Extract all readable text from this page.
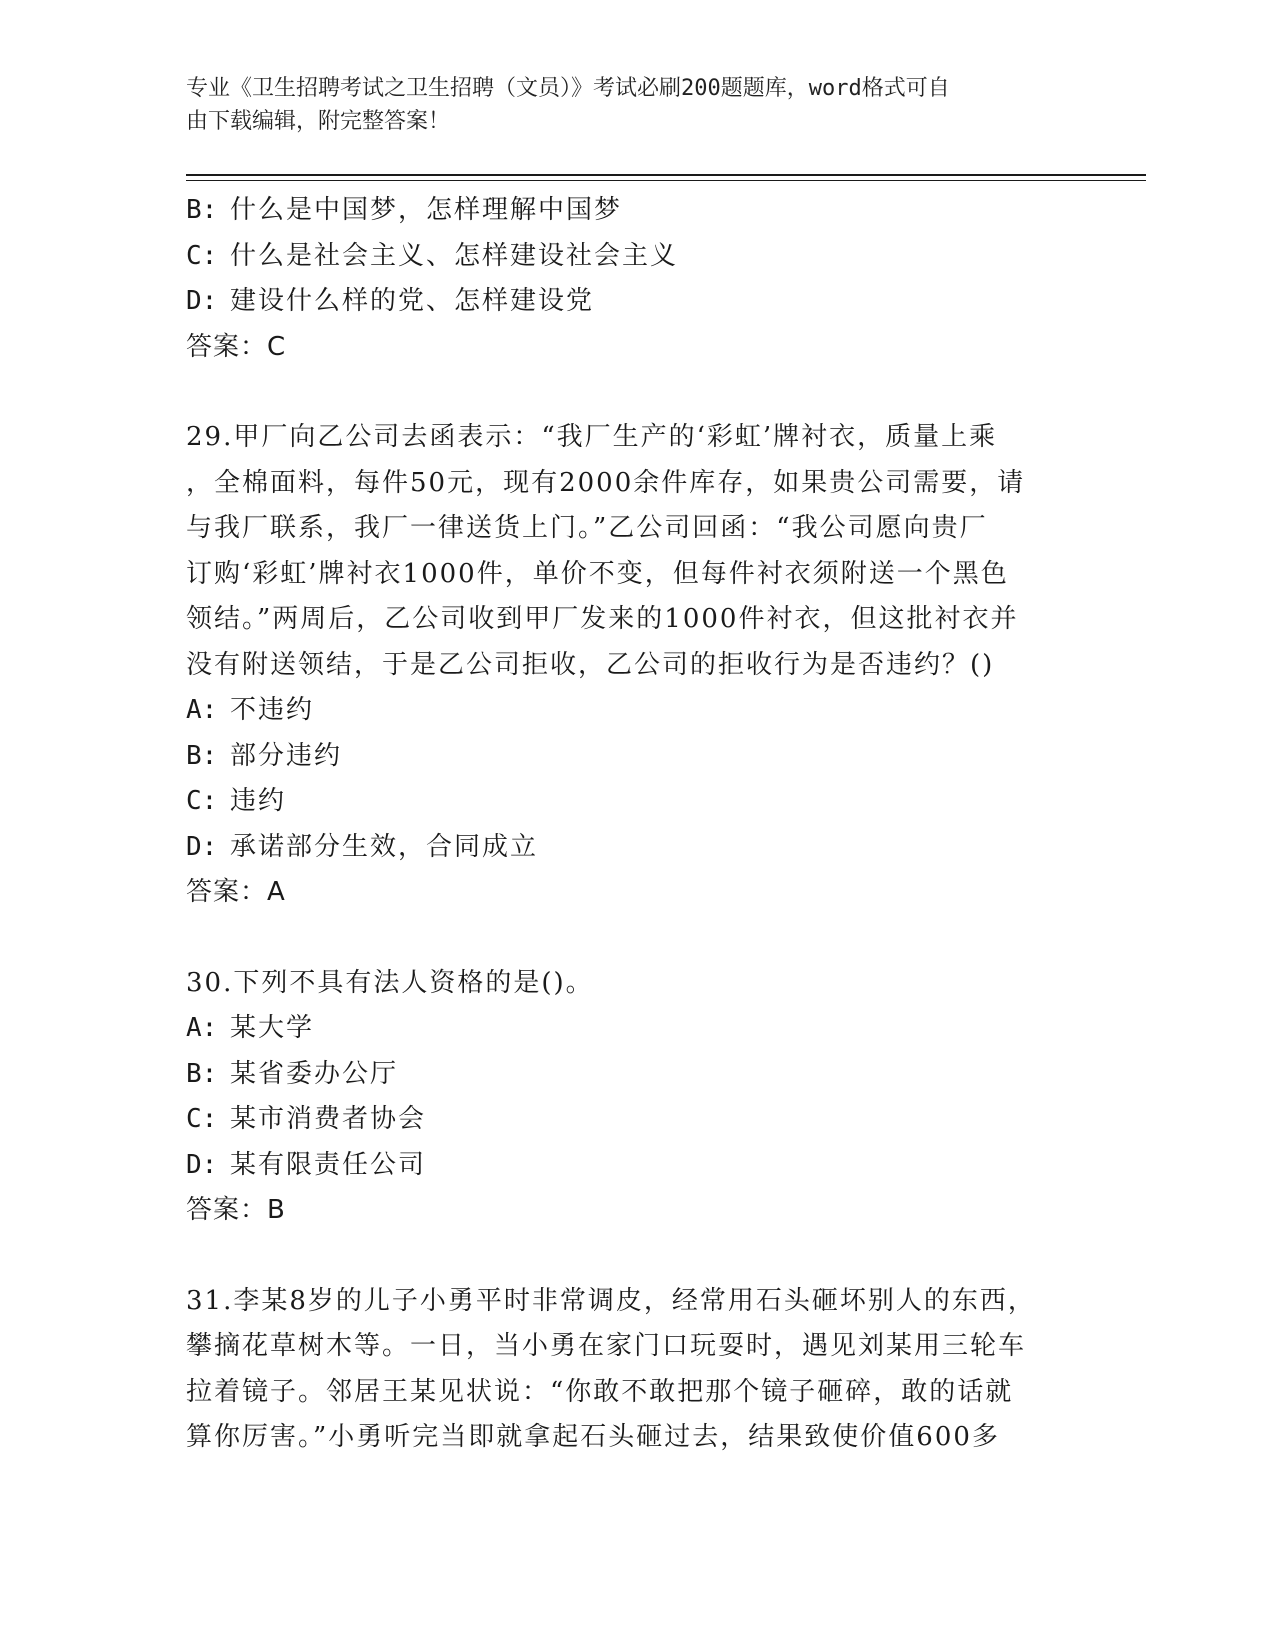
专业《卫生招聘考试之卫生招聘（文员）》考试必刷200题题库，word格式可自
由下载编辑，附完整答案！
B: 什么是中国梦，怎样理解中国梦
C: 什么是社会主义、怎样建设社会主义
D: 建设什么样的党、怎样建设党
答案：C
29.甲厂向乙公司去函表示：“我厂生产的‘彩虹’牌衬衣，质量上乘
，全棉面料，每件50元，现有2000余件库存，如果贵公司需要，请
与我厂联系，我厂一律送货上门。”乙公司回函：“我公司愿向贵厂
订购‘彩虹’牌衬衣1000件，单价不变，但每件衬衣须附送一个黑色
领结。”两周后，乙公司收到甲厂发来的1000件衬衣，但这批衬衣并
没有附送领结，于是乙公司拒收，乙公司的拒收行为是否违约？()
A: 不违约
B: 部分违约
C: 违约
D: 承诺部分生效，合同成立
答案：A
30.下列不具有法人资格的是()。
A: 某大学
B: 某省委办公厅
C: 某市消费者协会
D: 某有限责任公司
答案：B
31.李某8岁的儿子小勇平时非常调皮，经常用石头砸坏别人的东西，
攀摘花草树木等。一日，当小勇在家门口玩耍时，遇见刘某用三轮车
拉着镜子。邻居王某见状说：“你敢不敢把那个镜子砸碎，敢的话就
算你厉害。”小勇听完当即就拿起石头砸过去，结果致使价值600多
